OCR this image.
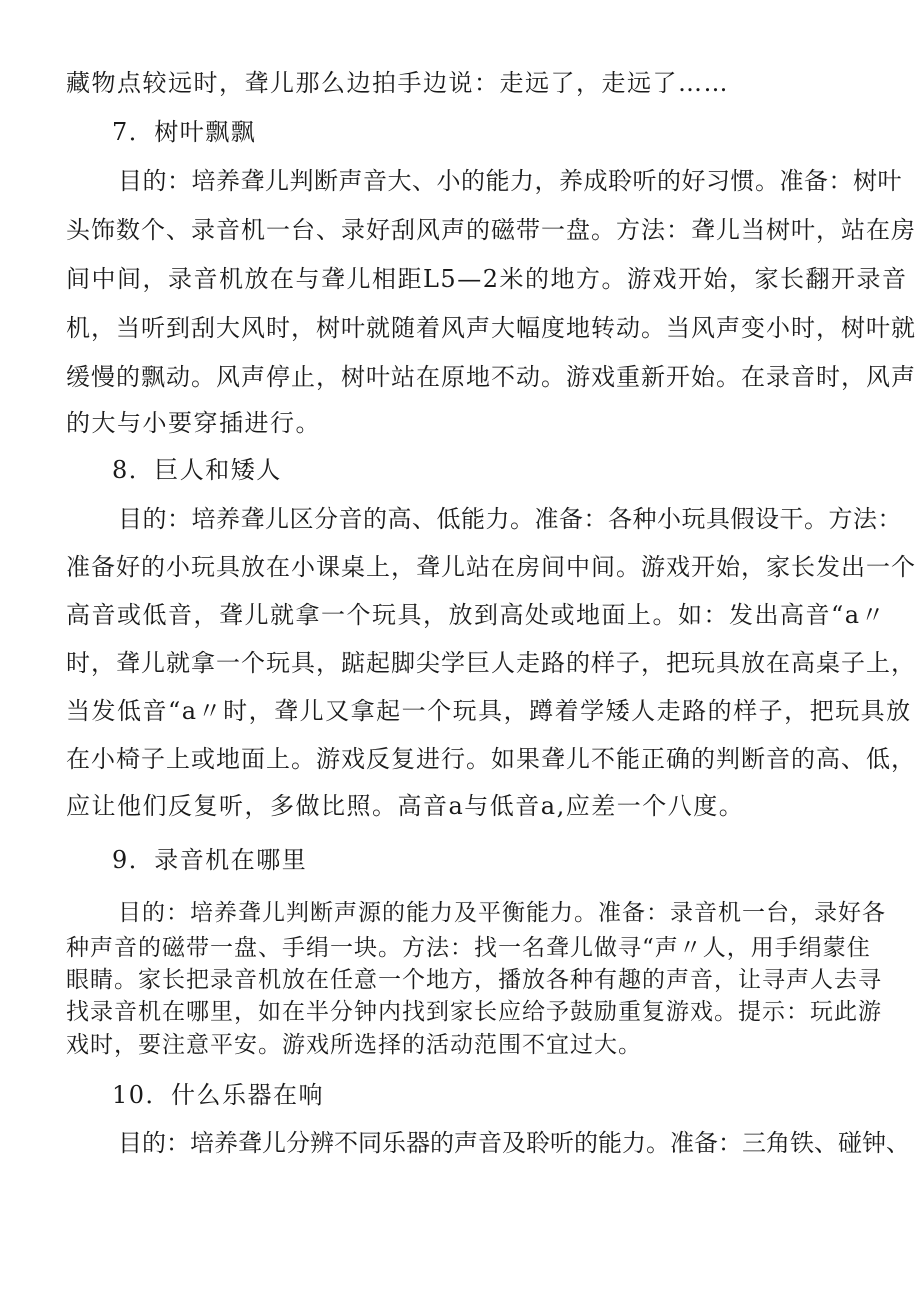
藏物点较远时，聋儿那么边拍手边说：走远了，走远了……
7．树叶飘飘
目的：培养聋儿判断声音大、小的能力，养成聆听的好习惯。准备：树叶
头饰数个、录音机一台、录好刮风声的磁带一盘。方法：聋儿当树叶，站在房
间中间，录音机放在与聋儿相距L5—2米的地方。游戏开始，家长翻开录音
机，当听到刮大风时，树叶就随着风声大幅度地转动。当风声变小时，树叶就
缓慢的飘动。风声停止，树叶站在原地不动。游戏重新开始。在录音时，风声
的大与小要穿插进行。
8．巨人和矮人
目的：培养聋儿区分音的高、低能力。准备：各种小玩具假设干。方法：
准备好的小玩具放在小课桌上，聋儿站在房间中间。游戏开始，家长发出一个
高音或低音，聋儿就拿一个玩具，放到高处或地面上。如：发出高音“a〃
时，聋儿就拿一个玩具，踮起脚尖学巨人走路的样子，把玩具放在高桌子上，
当发低音“a〃时，聋儿又拿起一个玩具，蹲着学矮人走路的样子，把玩具放
在小椅子上或地面上。游戏反复进行。如果聋儿不能正确的判断音的高、低，
应让他们反复听，多做比照。高音a与低音a,应差一个八度。
9．录音机在哪里
目的：培养聋儿判断声源的能力及平衡能力。准备：录音机一台，录好各
种声音的磁带一盘、手绢一块。方法：找一名聋儿做寻“声〃人，用手绢蒙住
眼睛。家长把录音机放在任意一个地方，播放各种有趣的声音，让寻声人去寻
找录音机在哪里，如在半分钟内找到家长应给予鼓励重复游戏。提示：玩此游
戏时，要注意平安。游戏所选择的活动范围不宜过大。
10．什么乐器在响
目的：培养聋儿分辨不同乐器的声音及聆听的能力。准备：三角铁、碰钟、
